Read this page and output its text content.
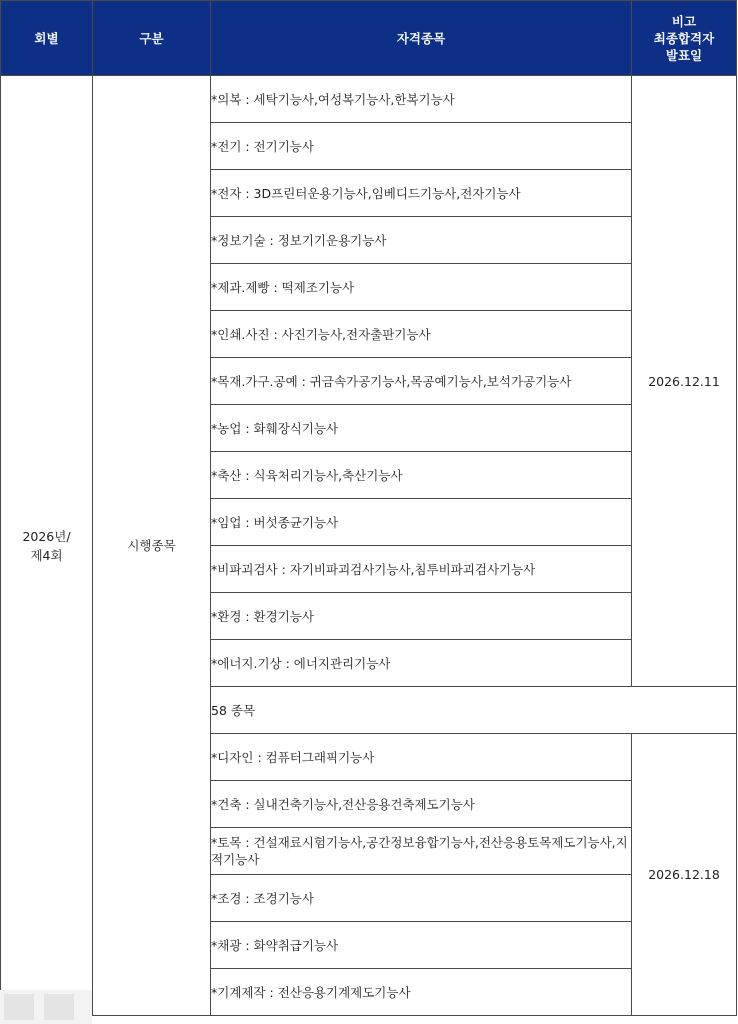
회별	구분	자격종목	비고
최종합격자
발표일

2026년/
제4회	시행종목	*의복 : 세탁기능사,여성복기능사,한복기능사	2026.12.11
		*전기 : 전기기능사	
		*전자 : 3D프린터운용기능사,임베디드기능사,전자기능사	
		*정보기술 : 정보기기운용기능사	
		*제과.제빵 : 떡제조기능사	
		*인쇄.사진 : 사진기능사,전자출판기능사	
		*목재.가구.공예 : 귀금속가공기능사,목공예기능사,보석가공기능사	
		*농업 : 화훼장식기능사	
		*축산 : 식육처리기능사,축산기능사	
		*임업 : 버섯종균기능사	
		*비파괴검사 : 자기비파괴검사기능사,침투비파괴검사기능사	
		*환경 : 환경기능사	
		*에너지.기상 : 에너지관리기능사	
		58 종목	
		*디자인 : 컴퓨터그래픽기능사	2026.12.18
		*건축 : 실내건축기능사,전산응용건축제도기능사	
		*토목 : 건설재료시험기능사,공간정보융합기능사,전산응용토목제도기능사,지적기능사	
		*조경 : 조경기능사	
		*채광 : 화약취급기능사	
		*기계제작 : 전산응용기계제도기능사	
